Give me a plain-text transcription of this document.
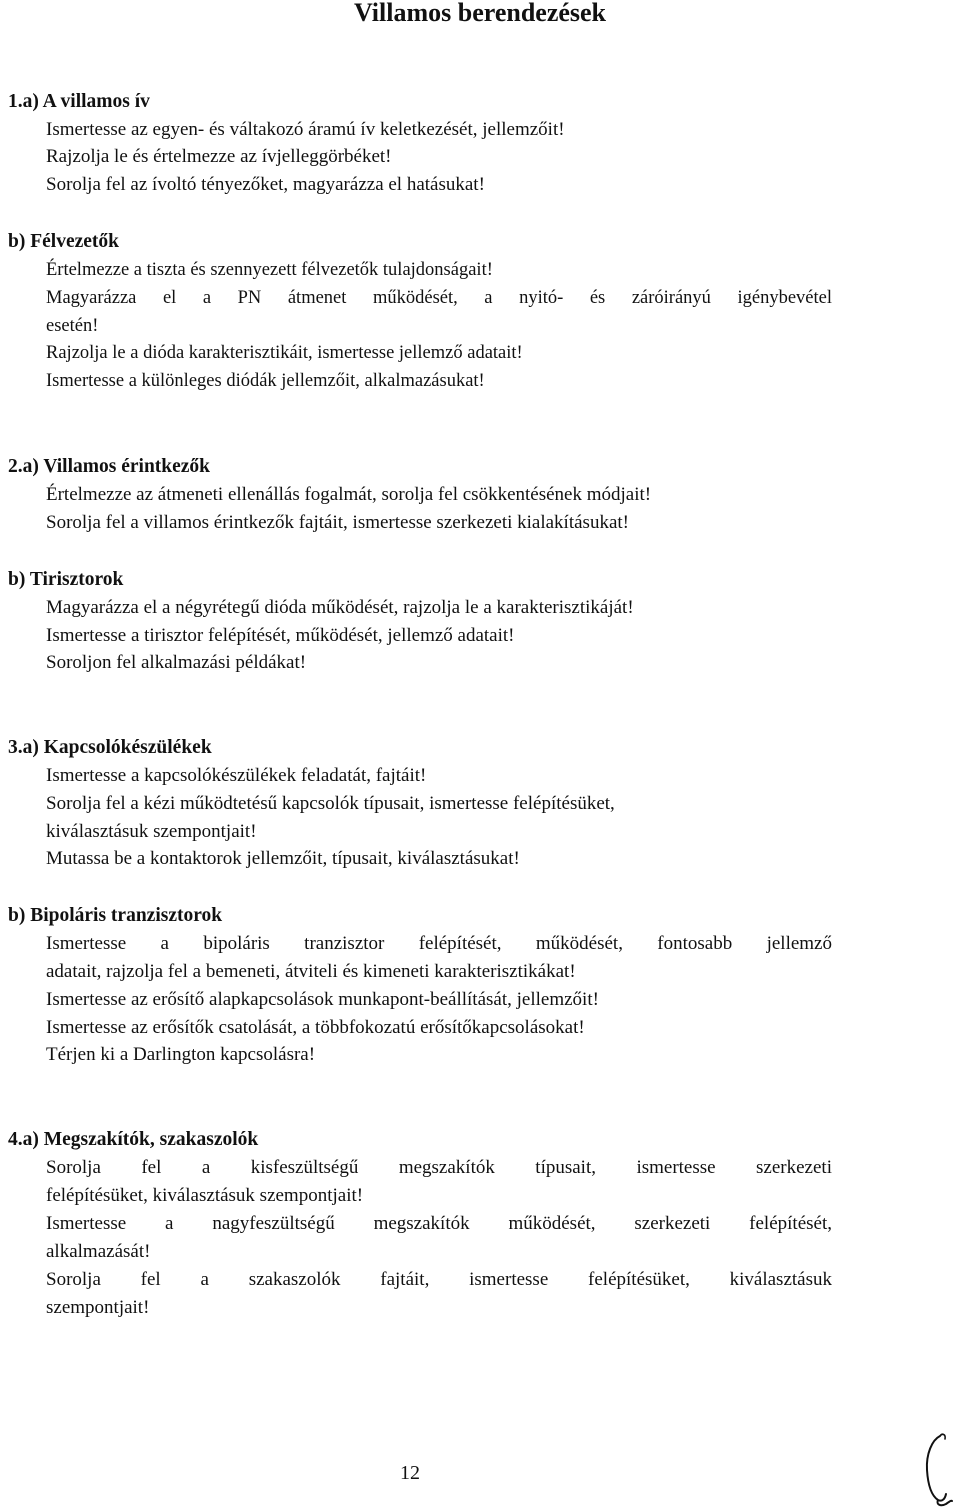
Villamos berendezések
1.a) A villamos ív
Ismertesse az egyen- és váltakozó áramú ív keletkezését, jellemzőit!
Rajzolja le és értelmezze az ívjelleggörbéket!
Sorolja fel az ívoltó tényezőket, magyarázza el hatásukat!
b) Félvezetők
Értelmezze a tiszta és szennyezett félvezetők tulajdonságait!
Magyarázza el a PN átmenet működését, a nyitó- és záróirányú igénybevétel
esetén!
Rajzolja le a dióda karakterisztikáit, ismertesse jellemző adatait!
Ismertesse a különleges diódák jellemzőit, alkalmazásukat!
2.a) Villamos érintkezők
Értelmezze az átmeneti ellenállás fogalmát, sorolja fel csökkentésének módjait!
Sorolja fel a villamos érintkezők fajtáit, ismertesse szerkezeti kialakításukat!
b) Tirisztorok
Magyarázza el a négyrétegű dióda működését, rajzolja le a karakterisztikáját!
Ismertesse a tirisztor felépítését, működését, jellemző adatait!
Soroljon fel alkalmazási példákat!
3.a) Kapcsolókészülékek
Ismertesse a kapcsolókészülékek feladatát, fajtáit!
Sorolja fel a kézi működtetésű kapcsolók típusait, ismertesse felépítésüket,
kiválasztásuk szempontjait!
Mutassa be a kontaktorok jellemzőit, típusait, kiválasztásukat!
b) Bipoláris tranzisztorok
Ismertesse a bipoláris tranzisztor felépítését, működését, fontosabb jellemző
adatait, rajzolja fel a bemeneti, átviteli és kimeneti karakterisztikákat!
Ismertesse az erősítő alapkapcsolások munkapont-beállítását, jellemzőit!
Ismertesse az erősítők csatolását, a többfokozatú erősítőkapcsolásokat!
Térjen ki a Darlington kapcsolásra!
4.a) Megszakítók, szakaszolók
Sorolja fel a kisfeszültségű megszakítók típusait, ismertesse szerkezeti
felépítésüket, kiválasztásuk szempontjait!
Ismertesse a nagyfeszültségű megszakítók működését, szerkezeti felépítését,
alkalmazását!
Sorolja fel a szakaszolók fajtáit, ismertesse felépítésüket, kiválasztásuk
szempontjait!
12
